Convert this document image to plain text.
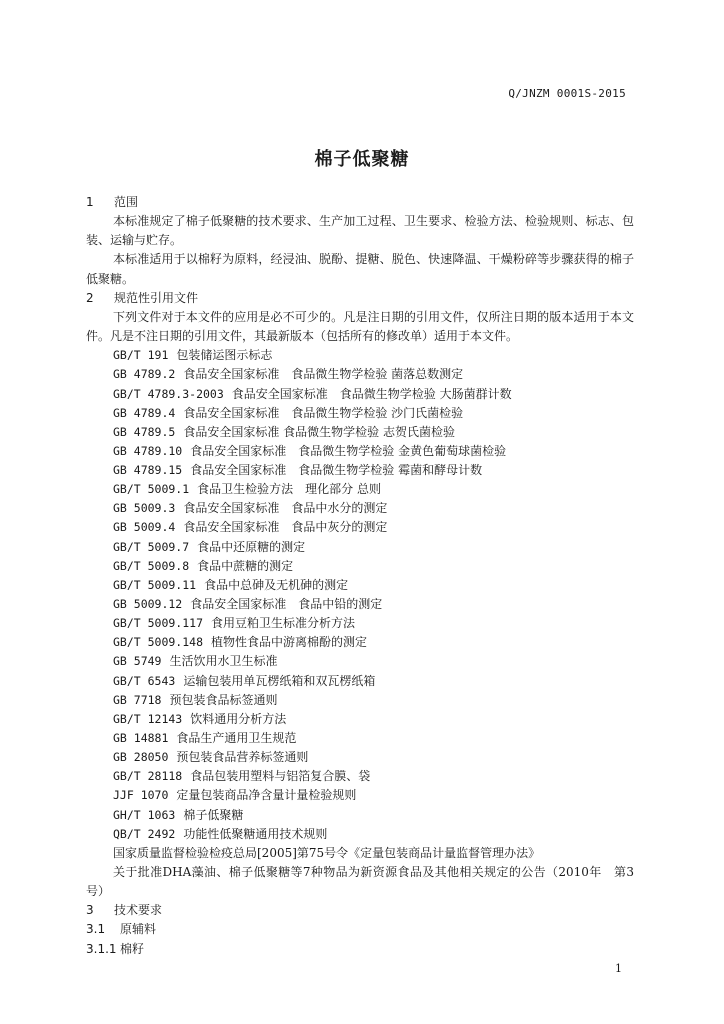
Q/JNZM 0001S-2015
棉子低聚糖
1 范围
本标准规定了棉子低聚糖的技术要求、生产加工过程、卫生要求、检验方法、检验规则、标志、包装、运输与贮存。
本标准适用于以棉籽为原料，经浸油、脱酚、提糖、脱色、快速降温、干燥粉碎等步骤获得的棉子低聚糖。
2 规范性引用文件
下列文件对于本文件的应用是必不可少的。凡是注日期的引用文件，仅所注日期的版本适用于本文件。凡是不注日期的引用文件，其最新版本（包括所有的修改单）适用于本文件。
GB/T 191 包装储运图示标志
GB 4789.2 食品安全国家标准　食品微生物学检验 菌落总数测定
GB/T 4789.3-2003 食品安全国家标准　食品微生物学检验 大肠菌群计数
GB 4789.4 食品安全国家标准　食品微生物学检验 沙门氏菌检验
GB 4789.5 食品安全国家标准 食品微生物学检验 志贺氏菌检验
GB 4789.10 食品安全国家标准　食品微生物学检验 金黄色葡萄球菌检验
GB 4789.15 食品安全国家标准　食品微生物学检验 霉菌和酵母计数
GB/T 5009.1 食品卫生检验方法　理化部分 总则
GB 5009.3 食品安全国家标准　食品中水分的测定
GB 5009.4 食品安全国家标准　食品中灰分的测定
GB/T 5009.7 食品中还原糖的测定
GB/T 5009.8 食品中蔗糖的测定
GB/T 5009.11 食品中总砷及无机砷的测定
GB 5009.12 食品安全国家标准　食品中铅的测定
GB/T 5009.117 食用豆粕卫生标准分析方法
GB/T 5009.148 植物性食品中游离棉酚的测定
GB 5749 生活饮用水卫生标准
GB/T 6543 运输包装用单瓦楞纸箱和双瓦楞纸箱
GB 7718 预包装食品标签通则
GB/T 12143 饮料通用分析方法
GB 14881 食品生产通用卫生规范
GB 28050 预包装食品营养标签通则
GB/T 28118 食品包装用塑料与铝箔复合膜、袋
JJF 1070 定量包装商品净含量计量检验规则
GH/T 1063 棉子低聚糖
QB/T 2492 功能性低聚糖通用技术规则
国家质量监督检验检疫总局[2005]第75号令《定量包装商品计量监督管理办法》
关于批准DHA藻油、棉子低聚糖等7种物品为新资源食品及其他相关规定的公告（2010年　第3号）
3 技术要求
3.1 原辅料
3.1.1 棉籽
1
